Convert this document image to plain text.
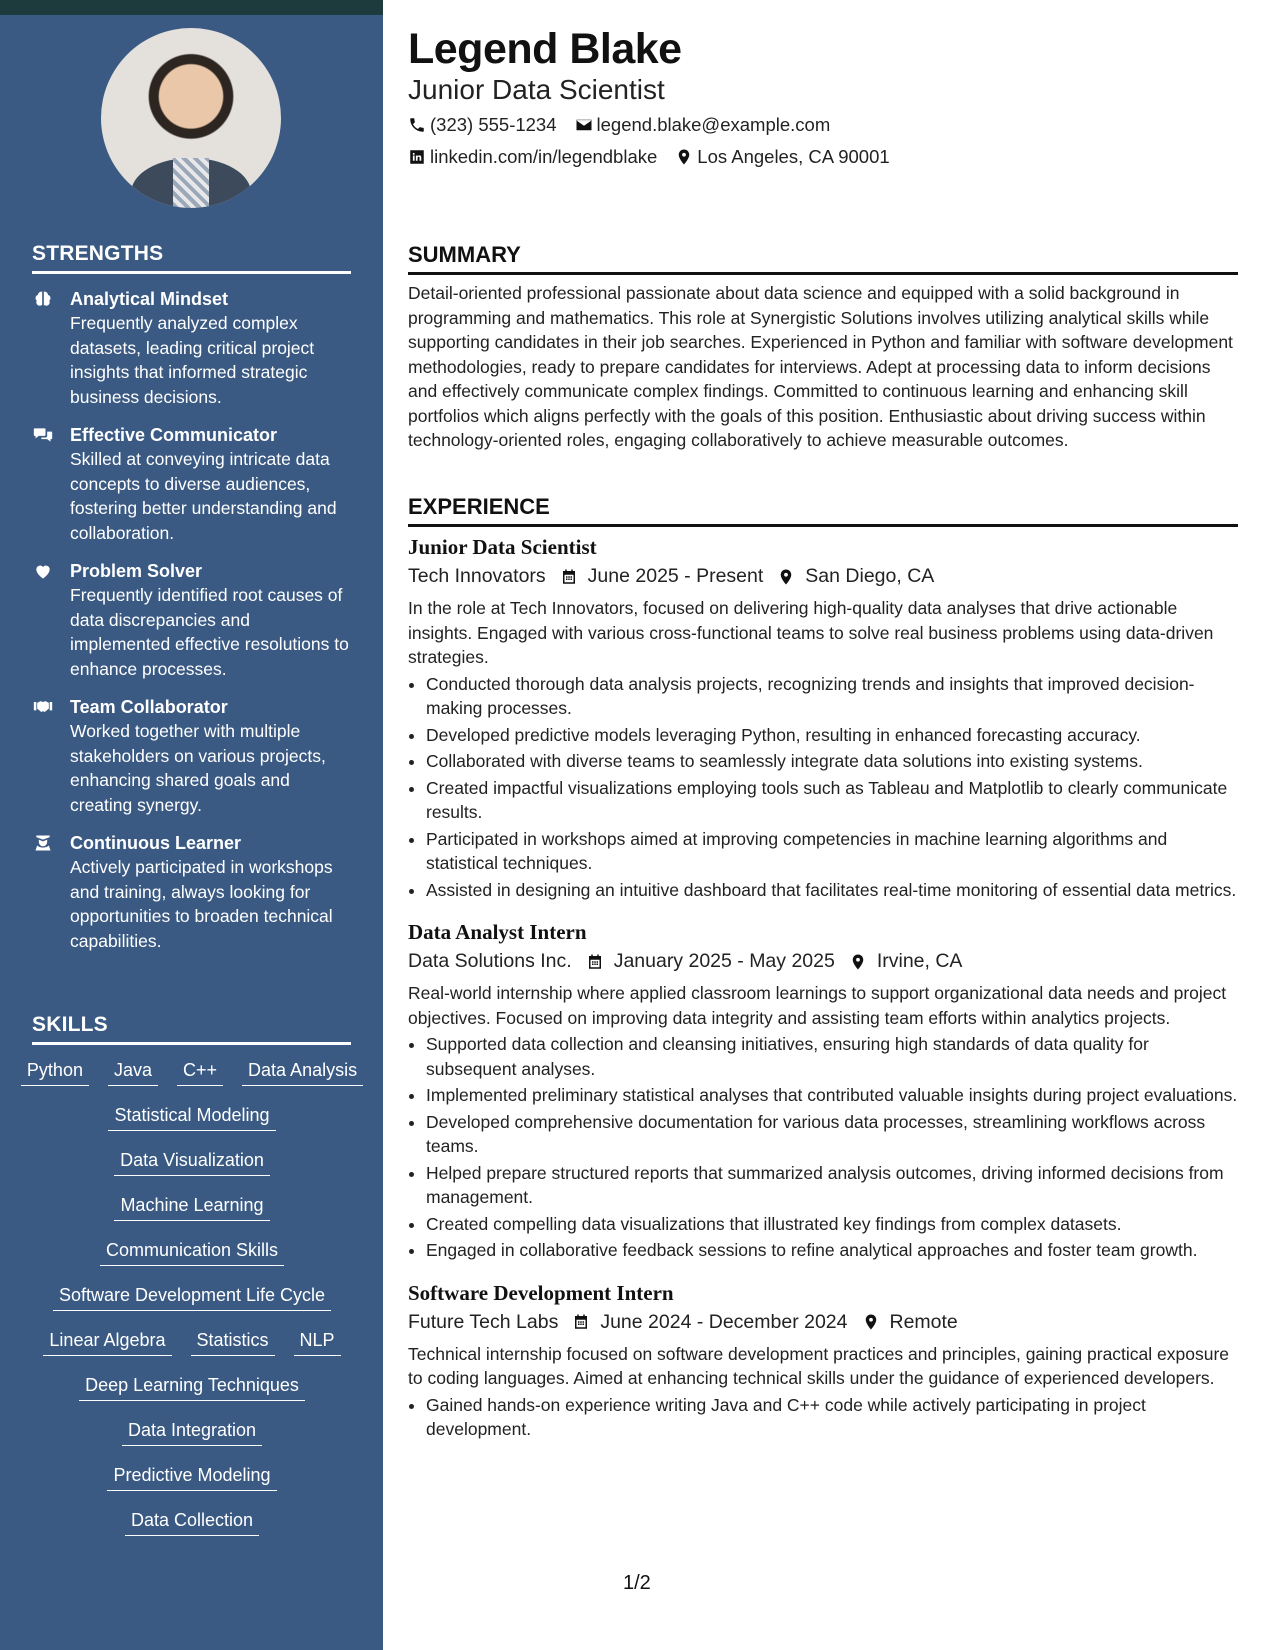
STRENGTHS
Analytical Mindset
Frequently analyzed complex datasets, leading critical project insights that informed strategic business decisions.
Effective Communicator
Skilled at conveying intricate data concepts to diverse audiences, fostering better understanding and collaboration.
Problem Solver
Frequently identified root causes of data discrepancies and implemented effective resolutions to enhance processes.
Team Collaborator
Worked together with multiple stakeholders on various projects, enhancing shared goals and creating synergy.
Continuous Learner
Actively participated in workshops and training, always looking for opportunities to broaden technical capabilities.
SKILLS
Python	Java	C++	Data Analysis
Statistical Modeling
Data Visualization
Machine Learning
Communication Skills
Software Development Life Cycle
Linear Algebra	Statistics	NLP
Deep Learning Techniques
Data Integration
Predictive Modeling
Data Collection
Legend Blake
Junior Data Scientist
(323) 555-1234 legend.blake@example.com
linkedin.com/in/legendblake Los Angeles, CA 90001
SUMMARY
Detail-oriented professional passionate about data science and equipped with a solid background in programming and mathematics. This role at Synergistic Solutions involves utilizing analytical skills while supporting candidates in their job searches. Experienced in Python and familiar with software development methodologies, ready to prepare candidates for interviews. Adept at processing data to inform decisions and effectively communicate complex findings. Committed to continuous learning and enhancing skill portfolios which aligns perfectly with the goals of this position. Enthusiastic about driving success within technology-oriented roles, engaging collaboratively to achieve measurable outcomes.
EXPERIENCE
Junior Data Scientist
Tech Innovators June 2025 - Present San Diego, CA
In the role at Tech Innovators, focused on delivering high-quality data analyses that drive actionable insights. Engaged with various cross-functional teams to solve real business problems using data-driven strategies.
• Conducted thorough data analysis projects, recognizing trends and insights that improved decision-making processes.
• Developed predictive models leveraging Python, resulting in enhanced forecasting accuracy.
• Collaborated with diverse teams to seamlessly integrate data solutions into existing systems.
• Created impactful visualizations employing tools such as Tableau and Matplotlib to clearly communicate results.
• Participated in workshops aimed at improving competencies in machine learning algorithms and statistical techniques.
• Assisted in designing an intuitive dashboard that facilitates real-time monitoring of essential data metrics.
Data Analyst Intern
Data Solutions Inc. January 2025 - May 2025 Irvine, CA
Real-world internship where applied classroom learnings to support organizational data needs and project objectives. Focused on improving data integrity and assisting team efforts within analytics projects.
• Supported data collection and cleansing initiatives, ensuring high standards of data quality for subsequent analyses.
• Implemented preliminary statistical analyses that contributed valuable insights during project evaluations.
• Developed comprehensive documentation for various data processes, streamlining workflows across teams.
• Helped prepare structured reports that summarized analysis outcomes, driving informed decisions from management.
• Created compelling data visualizations that illustrated key findings from complex datasets.
• Engaged in collaborative feedback sessions to refine analytical approaches and foster team growth.
Software Development Intern
Future Tech Labs June 2024 - December 2024 Remote
Technical internship focused on software development practices and principles, gaining practical exposure to coding languages. Aimed at enhancing technical skills under the guidance of experienced developers.
• Gained hands-on experience writing Java and C++ code while actively participating in project development.
1/2
